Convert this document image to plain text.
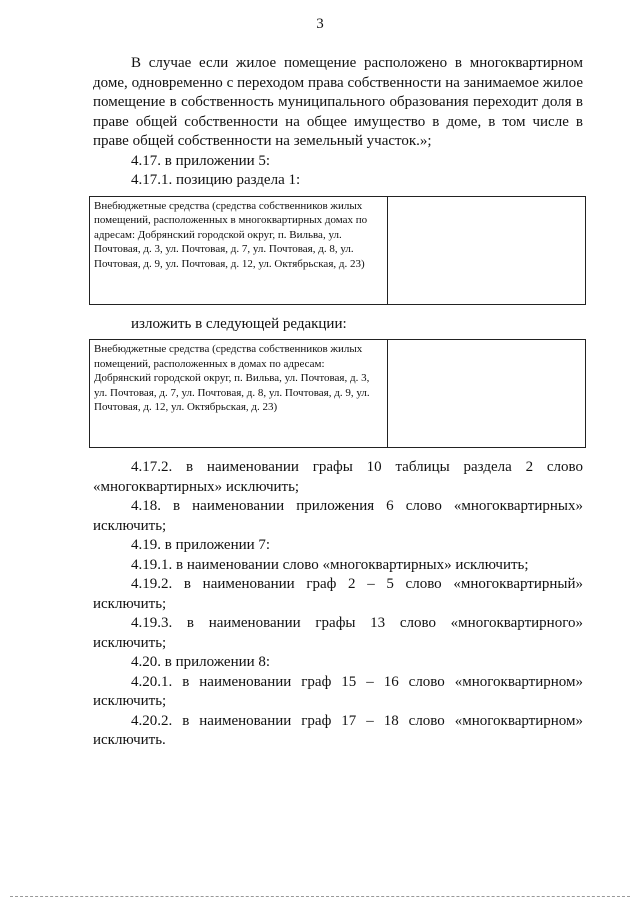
3

В случае если жилое помещение расположено в многоквартирном доме, одновременно с переходом права собственности на занимаемое жилое помещение в собственность муниципального образования переходит доля в праве общей собственности на общее имущество в доме, в том числе в праве общей собственности на земельный участок.»;

4.17. в приложении 5:

4.17.1. позицию раздела 1:

Внебюджетные средства (средства собственников жилых помещений, расположенных в многоквартирных домах по адресам: Добрянский городской округ, п. Вильва, ул. Почтовая, д. 3, ул. Почтовая, д. 7, ул. Почтовая, д. 8, ул. Почтовая, д. 9, ул. Почтовая, д. 12, ул. Октябрьская, д. 23)	

изложить в следующей редакции:

Внебюджетные средства (средства собственников жилых помещений, расположенных в домах по адресам: Добрянский городской округ, п. Вильва, ул. Почтовая, д. 3, ул. Почтовая, д. 7, ул. Почтовая, д. 8, ул. Почтовая, д. 9, ул. Почтовая, д. 12, ул. Октябрьская, д. 23)	

4.17.2. в наименовании графы 10 таблицы раздела 2 слово «многоквартирных» исключить;

4.18. в наименовании приложения 6 слово «многоквартирных» исключить;

4.19. в приложении 7:

4.19.1. в наименовании слово «многоквартирных» исключить;

4.19.2. в наименовании граф 2 – 5 слово «многоквартирный» исключить;

4.19.3. в наименовании графы 13 слово «многоквартирного» исключить;

4.20. в приложении 8:

4.20.1. в наименовании граф 15 – 16 слово «многоквартирном» исключить;

4.20.2. в наименовании граф 17 – 18 слово «многоквартирном» исключить.
